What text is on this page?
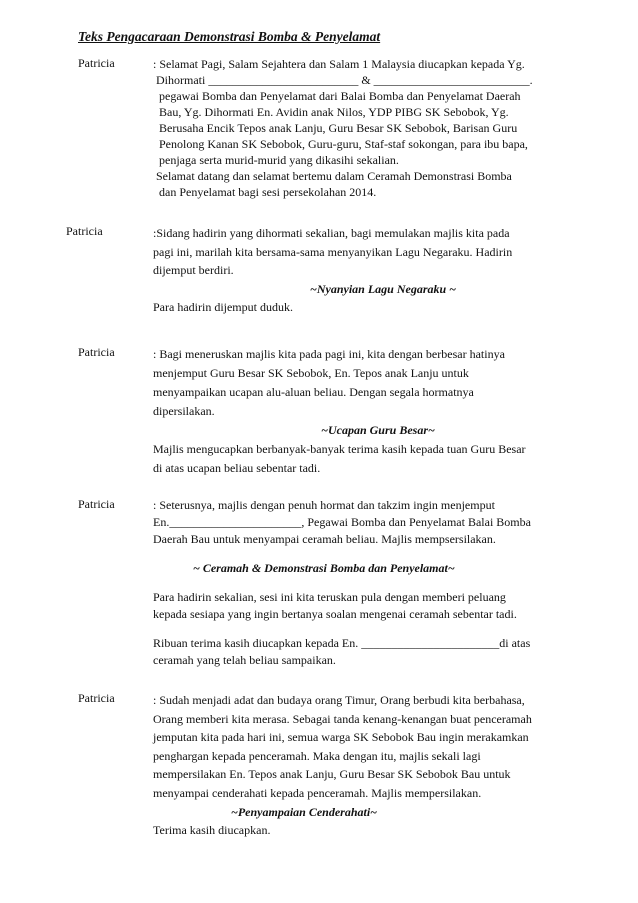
Teks Pengacaraan Demonstrasi Bomba & Penyelamat
Patricia	: Selamat Pagi, Salam Sejahtera dan Salam 1 Malaysia diucapkan kepada Yg.
Dihormati _________________________ & __________________________.
pegawai Bomba dan Penyelamat dari Balai Bomba dan Penyelamat Daerah
Bau, Yg. Dihormati En. Avidin anak Nilos, YDP PIBG SK Sebobok, Yg.
Berusaha Encik Tepos anak Lanju, Guru Besar SK Sebobok, Barisan Guru
Penolong Kanan SK Sebobok, Guru-guru, Staf-staf sokongan, para ibu bapa,
penjaga serta murid-murid yang dikasihi sekalian.
Selamat datang dan selamat bertemu dalam Ceramah Demonstrasi Bomba
dan Penyelamat bagi sesi persekolahan 2014.
Patricia	:Sidang hadirin yang dihormati sekalian, bagi memulakan majlis kita pada
pagi ini, marilah kita bersama-sama menyanyikan Lagu Negaraku. Hadirin
dijemput berdiri.
~Nyanyian Lagu Negaraku ~
Para hadirin dijemput duduk.
Patricia	: Bagi meneruskan majlis kita pada pagi ini, kita dengan berbesar hatinya
menjemput Guru Besar SK Sebobok, En. Tepos anak Lanju untuk
menyampaikan ucapan alu-aluan beliau. Dengan segala hormatnya
dipersilakan.
~Ucapan Guru Besar~
Majlis mengucapkan berbanyak-banyak terima kasih kepada tuan Guru Besar
di atas ucapan beliau sebentar tadi.
Patricia	: Seterusnya, majlis dengan penuh hormat dan takzim ingin menjemput
En.______________________, Pegawai Bomba dan Penyelamat Balai Bomba
Daerah Bau untuk menyampai ceramah beliau. Majlis mempsersilakan.
~ Ceramah & Demonstrasi Bomba dan Penyelamat~
Para hadirin sekalian, sesi ini kita teruskan pula dengan memberi peluang
kepada sesiapa yang ingin bertanya soalan mengenai ceramah sebentar tadi.
Ribuan terima kasih diucapkan kepada En. _______________________di atas
ceramah yang telah beliau sampaikan.
Patricia	: Sudah menjadi adat dan budaya orang Timur, Orang berbudi kita berbahasa,
Orang memberi kita merasa. Sebagai tanda kenang-kenangan buat penceramah
jemputan kita pada hari ini, semua warga SK Sebobok Bau ingin merakamkan
penghargan kepada penceramah. Maka dengan itu, majlis sekali lagi
mempersilakan En. Tepos anak Lanju, Guru Besar SK Sebobok Bau untuk
menyampai cenderahati kepada penceramah. Majlis mempersilakan.
~Penyampaian Cenderahati~
Terima kasih diucapkan.
